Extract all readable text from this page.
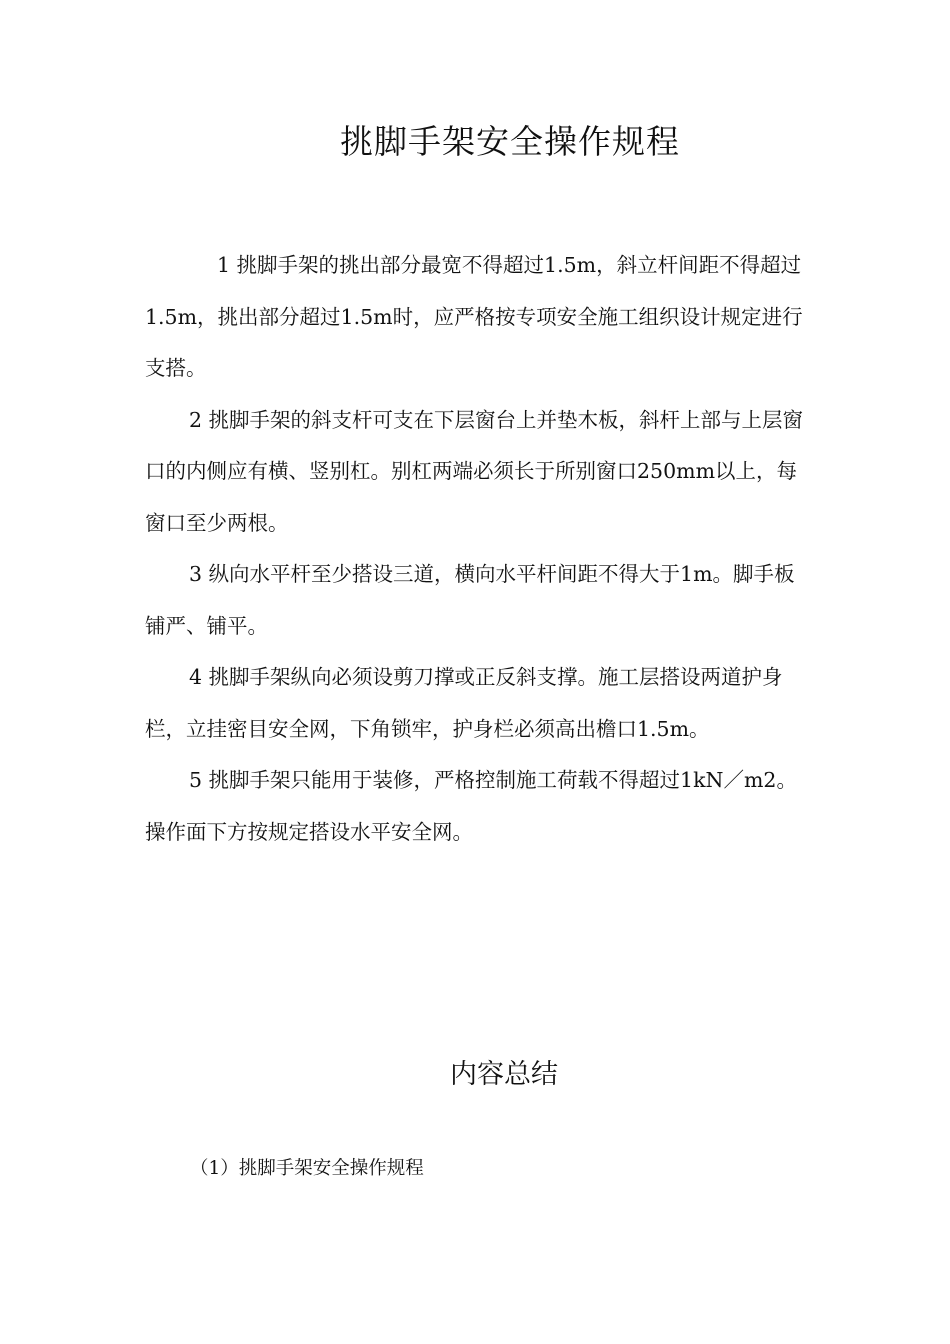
挑脚手架安全操作规程

1 挑脚手架的挑出部分最宽不得超过1.5m，斜立杆间距不得超过1.5m，挑出部分超过1.5m时，应严格按专项安全施工组织设计规定进行支搭。

2 挑脚手架的斜支杆可支在下层窗台上并垫木板，斜杆上部与上层窗口的内侧应有横、竖别杠。别杠两端必须长于所别窗口250mm以上，每窗口至少两根。

3 纵向水平杆至少搭设三道，横向水平杆间距不得大于1m。脚手板铺严、铺平。

4 挑脚手架纵向必须设剪刀撑或正反斜支撑。施工层搭设两道护身栏，立挂密目安全网，下角锁牢，护身栏必须高出檐口1.5m。

5 挑脚手架只能用于装修，严格控制施工荷载不得超过1kN／m2。操作面下方按规定搭设水平安全网。

内容总结

（1）挑脚手架安全操作规程
